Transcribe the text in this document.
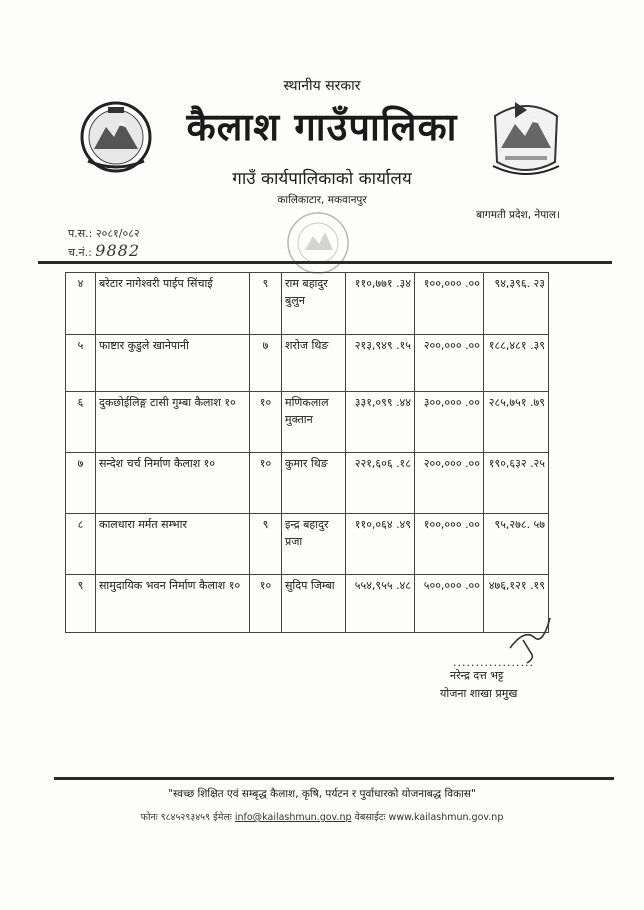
स्थानीय सरकार
कैलाश गाउँपालिका
गाउँ कार्यपालिकाको कार्यालय
कालिकाटार, मकवानपुर
बागमती प्रदेश, नेपाल।
प.स.: २०८१/०८२
च.नं.: 9882
४	बरेटार नागेश्वरी पाईप सिंचाई	९	राम बहादुर बुलुन	११०,७७१ .३४	१००,००० .००	९४,३९६. २३
५	फाष्टार कुडुले खानेपानी	७	शरोज थिङ	२१३,९४९ .१५	२००,००० .००	१८८,४८१ .३९
६	दुकछोईलिङ्ग टासी गुम्बा कैलाश १०	१०	मणिकलाल मुक्तान	३३१,०९९ .४४	३००,००० .००	२८५,७५१ .७९
७	सन्देश चर्च निर्माण कैलाश १०	१०	कुमार थिङ	२२१,६०६ .१८	२००,००० .००	१९०,६३२ .२५
८	कालधारा मर्मत सम्भार	९	इन्द्र बहादुर प्रजा	११०,०६४ .४९	१००,००० .००	९५,२७८. ५७
९	सामुदायिक भवन निर्माण कैलाश १०	१०	सुदिप जिम्बा	५५४,९५५ .४८	५००,००० .००	४७६,१२१ .१९
..................
नरेन्द्र दत्त भट्ट
योजना शाखा प्रमुख
"स्वच्छ शिक्षित एवं सम्बृद्ध कैलाश, कृषि, पर्यटन र पुर्वाधारको योजनाबद्ध विकास"
फोनः ९८४५२९३४५९ ईमेलः info@kailashmun.gov.np वेबसाईटः www.kailashmun.gov.np
